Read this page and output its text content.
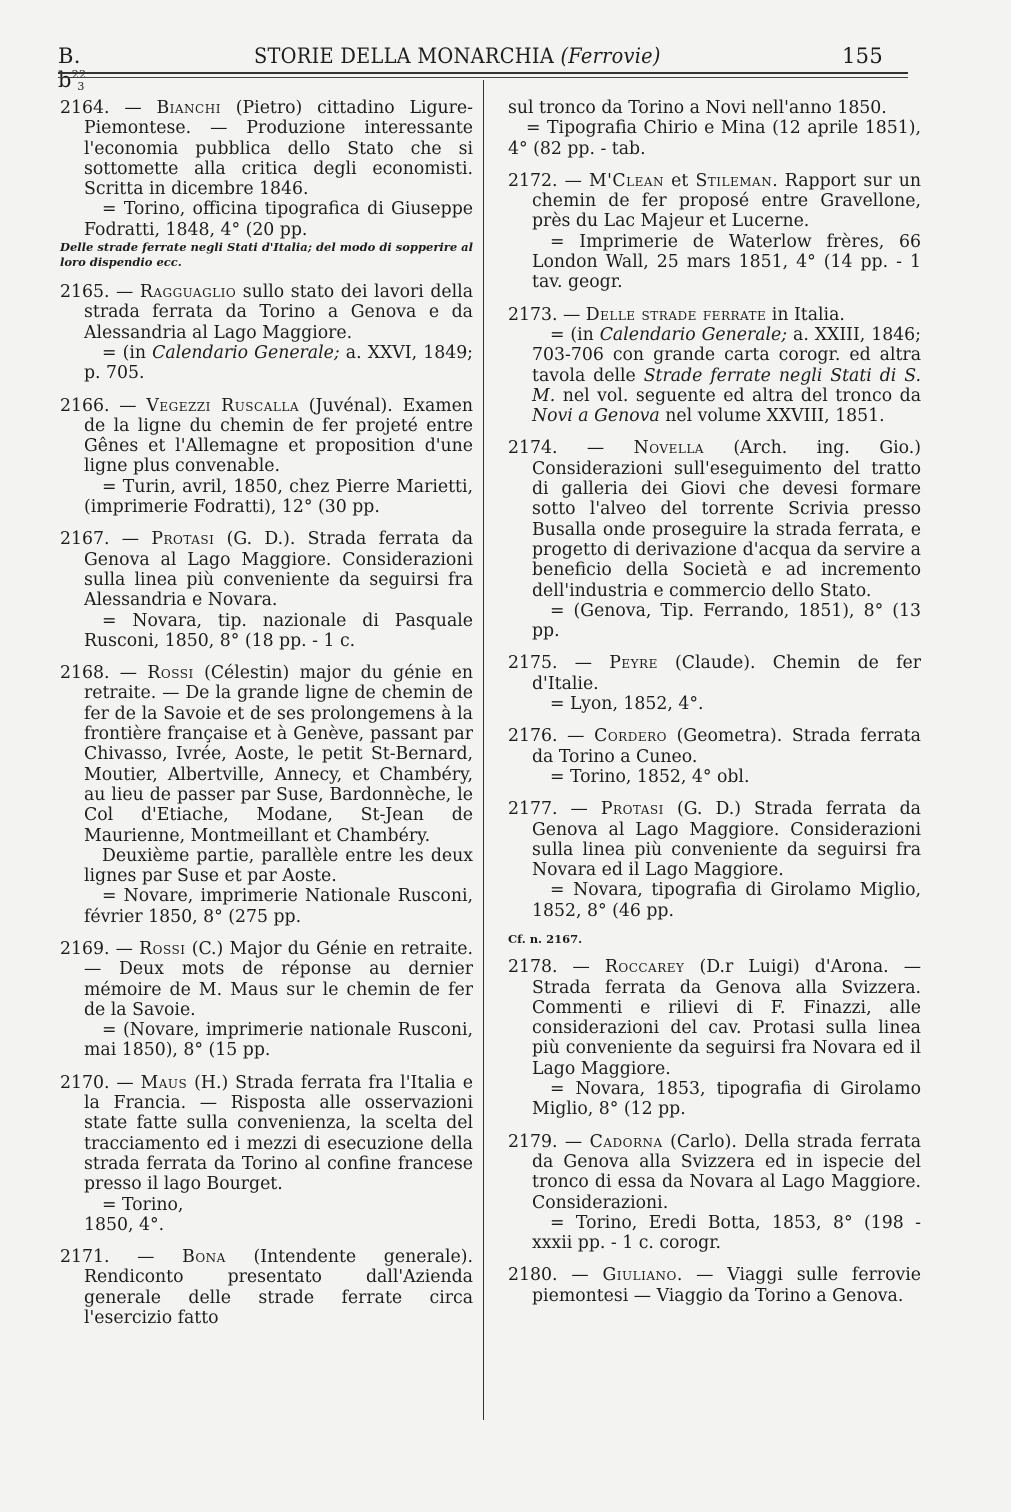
B. $b^{22}3$
STORIE DELLA MONARCHIA (Ferrovie)	155

2164. — Bianchi (Pietro) cittadino Ligure-Piemontese. — Produzione interessante l'economia pubblica dello Stato che si sottomette alla critica degli economisti. Scritta in dicembre 1846.

= Torino, officina tipografica di Giuseppe Fodratti, 1848, 4° (20 pp.

Delle strade ferrate negli Stati d'Italia; del modo di sopperire al loro dispendio ecc.

2165. — Ragguaglio sullo stato dei lavori della strada ferrata da Torino a Genova e da Alessandria al Lago Maggiore.

= (in Calendario Generale; a. XXVI, 1849; p. 705.

2166. — Vegezzi Ruscalla (Juvénal). Examen de la ligne du chemin de fer projeté entre Gênes et l'Allemagne et proposition d'une ligne plus convenable.

= Turin, avril, 1850, chez Pierre Marietti, (imprimerie Fodratti), 12° (30 pp.

2167. — Protasi (G. D.). Strada ferrata da Genova al Lago Maggiore. Considerazioni sulla linea più conveniente da seguirsi fra Alessandria e Novara.

= Novara, tip. nazionale di Pasquale Rusconi, 1850, 8° (18 pp. - 1 c.

2168. — Rossi (Célestin) major du génie en retraite. — De la grande ligne de chemin de fer de la Savoie et de ses prolongemens à la frontière française et à Genève, passant par Chivasso, Ivrée, Aoste, le petit St-Bernard, Moutier, Albertville, Annecy, et Chambéry, au lieu de passer par Suse, Bardonnèche, le Col d'Etiache, Modane, St-Jean de Maurienne, Montmeillant et Chambéry.

Deuxième partie, parallèle entre les deux lignes par Suse et par Aoste.

= Novare, imprimerie Nationale Rusconi, février 1850, 8° (275 pp.

2169. — Rossi (C.) Major du Génie en retraite. — Deux mots de réponse au dernier mémoire de M. Maus sur le chemin de fer de la Savoie.

= (Novare, imprimerie nationale Rusconi, mai 1850), 8° (15 pp.

2170. — Maus (H.) Strada ferrata fra l'Italia e la Francia. — Risposta alle osservazioni state fatte sulla convenienza, la scelta del tracciamento ed i mezzi di esecuzione della strada ferrata da Torino al confine francese presso il lago Bourget.

= Torino,

1850, 4°.

2171. — Bona (Intendente generale). Rendiconto presentato dall'Azienda generale delle strade ferrate circa l'esercizio fatto

sul tronco da Torino a Novi nell'anno 1850.

= Tipografia Chirio e Mina (12 aprile 1851), 4° (82 pp. - tab.

2172. — M'Clean et Stileman. Rapport sur un chemin de fer proposé entre Gravellone, près du Lac Majeur et Lucerne.

= Imprimerie de Waterlow frères, 66 London Wall, 25 mars 1851, 4° (14 pp. - 1 tav. geogr.

2173. — Delle strade ferrate in Italia.

= (in Calendario Generale; a. XXIII, 1846; 703-706 con grande carta corogr. ed altra tavola delle Strade ferrate negli Stati di S. M. nel vol. seguente ed altra del tronco da Novi a Genova nel volume XXVIII, 1851.

2174. — Novella (Arch. ing. Gio.) Considerazioni sull'eseguimento del tratto di galleria dei Giovi che devesi formare sotto l'alveo del torrente Scrivia presso Busalla onde proseguire la strada ferrata, e progetto di derivazione d'acqua da servire a beneficio della Società e ad incremento dell'industria e commercio dello Stato.

= (Genova, Tip. Ferrando, 1851), 8° (13 pp.

2175. — Peyre (Claude). Chemin de fer d'Italie.

= Lyon, 1852, 4°.

2176. — Cordero (Geometra). Strada ferrata da Torino a Cuneo.

= Torino, 1852, 4° obl.

2177. — Protasi (G. D.) Strada ferrata da Genova al Lago Maggiore. Considerazioni sulla linea più conveniente da seguirsi fra Novara ed il Lago Maggiore.

= Novara, tipografia di Girolamo Miglio, 1852, 8° (46 pp.

Cf. n. 2167.

2178. — Roccarey (D.r Luigi) d'Arona. — Strada ferrata da Genova alla Svizzera. Commenti e rilievi di F. Finazzi, alle considerazioni del cav. Protasi sulla linea più conveniente da seguirsi fra Novara ed il Lago Maggiore.

= Novara, 1853, tipografia di Girolamo Miglio, 8° (12 pp.

2179. — Cadorna (Carlo). Della strada ferrata da Genova alla Svizzera ed in ispecie del tronco di essa da Novara al Lago Maggiore. Considerazioni.

= Torino, Eredi Botta, 1853, 8° (198 - xxxii pp. - 1 c. corogr.

2180. — Giuliano. — Viaggi sulle ferrovie piemontesi — Viaggio da Torino a Genova.
